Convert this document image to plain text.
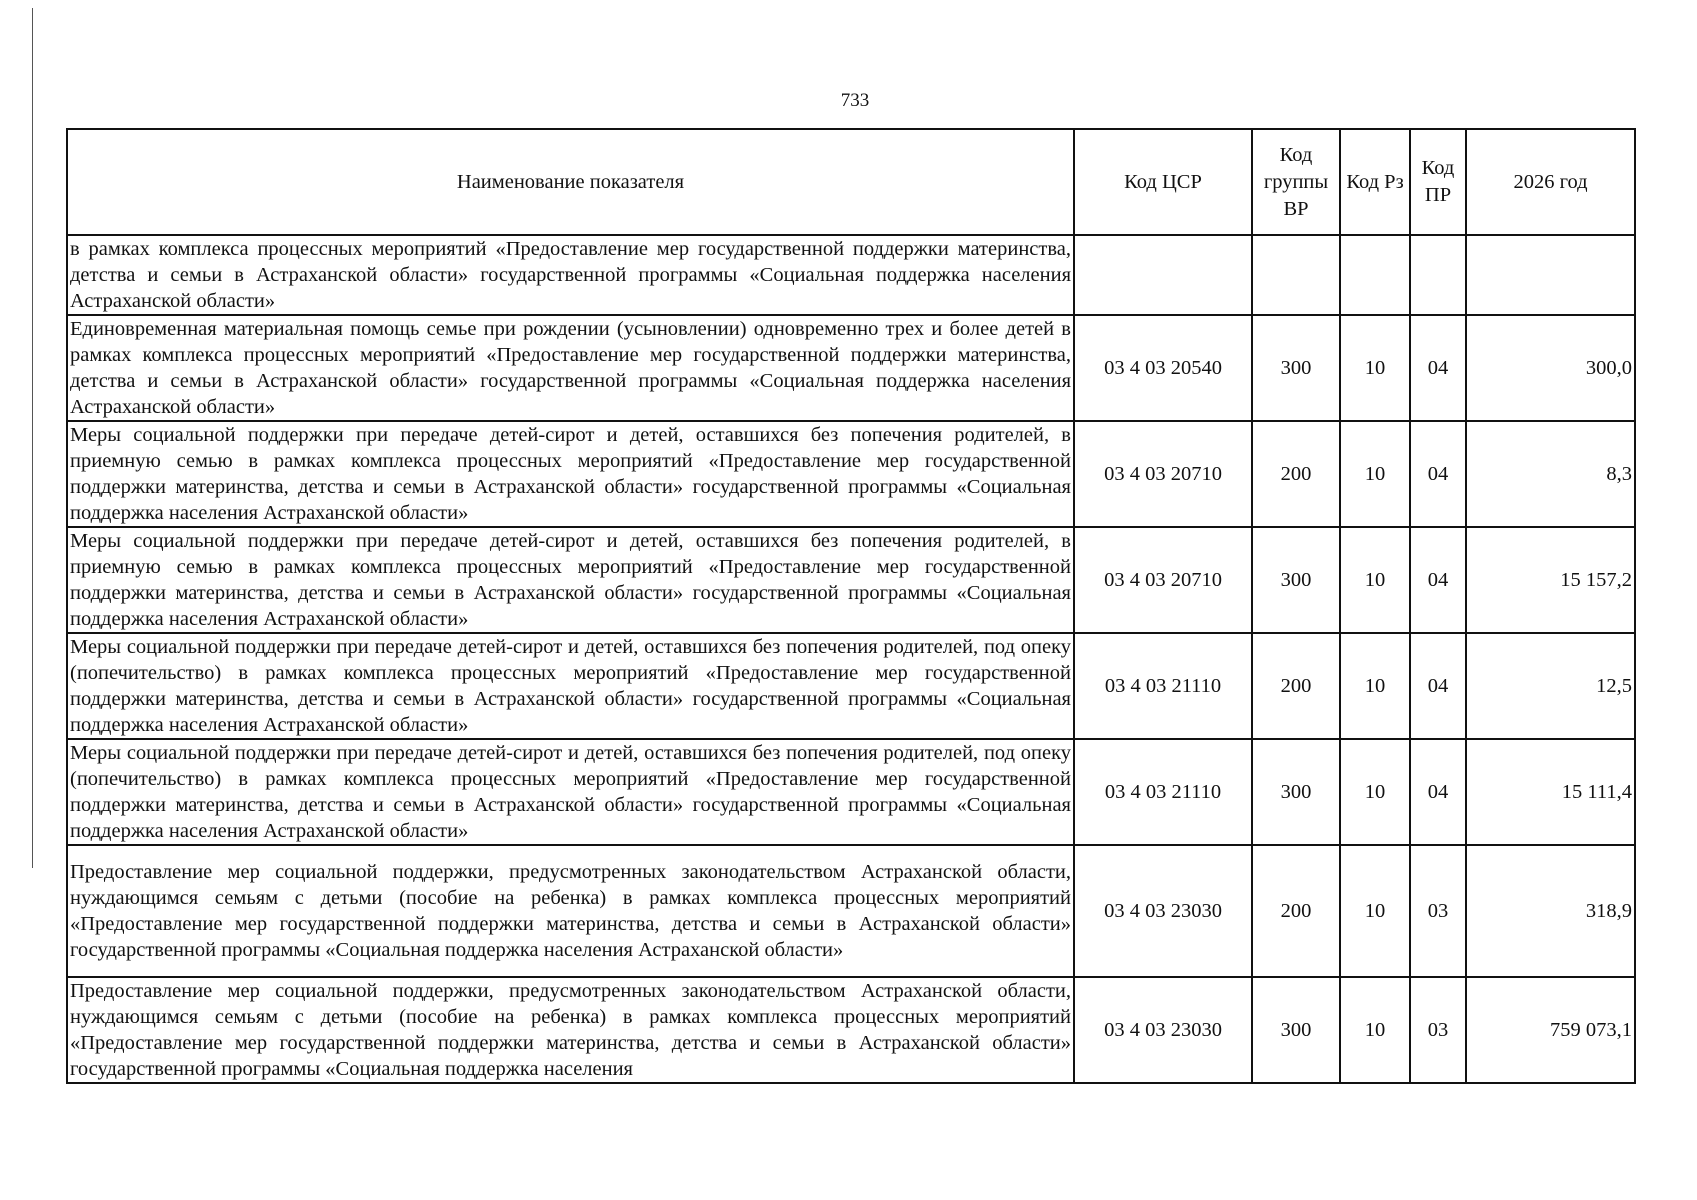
733
Наименование показателя	Код ЦСР	Код группы ВР	Код Рз	Код ПР	2026 год
в рамках комплекса процессных мероприятий «Предоставление мер государственной поддержки материнства, детства и семьи в Астраханской области» государственной программы «Социальная поддержка населения Астраханской области»					
Единовременная материальная помощь семье при рождении (усыновлении) одновременно трех и более детей в рамках комплекса процессных мероприятий «Предоставление мер государственной поддержки материнства, детства и семьи в Астраханской области» государственной программы «Социальная поддержка населения Астраханской области»	03 4 03 20540	300	10	04	300,0
Меры социальной поддержки при передаче детей-сирот и детей, оставшихся без попечения родителей, в приемную семью в рамках комплекса процессных мероприятий «Предоставление мер государственной поддержки материнства, детства и семьи в Астраханской области» государственной программы «Социальная поддержка населения Астраханской области»	03 4 03 20710	200	10	04	8,3
Меры социальной поддержки при передаче детей-сирот и детей, оставшихся без попечения родителей, в приемную семью в рамках комплекса процессных мероприятий «Предоставление мер государственной поддержки материнства, детства и семьи в Астраханской области» государственной программы «Социальная поддержка населения Астраханской области»	03 4 03 20710	300	10	04	15 157,2
Меры социальной поддержки при передаче детей-сирот и детей, оставшихся без попечения родителей, под опеку (попечительство) в рамках комплекса процессных мероприятий «Предоставление мер государственной поддержки материнства, детства и семьи в Астраханской области» государственной программы «Социальная поддержка населения Астраханской области»	03 4 03 21110	200	10	04	12,5
Меры социальной поддержки при передаче детей-сирот и детей, оставшихся без попечения родителей, под опеку (попечительство) в рамках комплекса процессных мероприятий «Предоставление мер государственной поддержки материнства, детства и семьи в Астраханской области» государственной программы «Социальная поддержка населения Астраханской области»	03 4 03 21110	300	10	04	15 111,4
Предоставление мер социальной поддержки, предусмотренных законодательством Астраханской области, нуждающимся семьям с детьми (пособие на ребенка) в рамках комплекса процессных мероприятий «Предоставление мер государственной поддержки материнства, детства и семьи в Астраханской области» государственной программы «Социальная поддержка населения Астраханской области»	03 4 03 23030	200	10	03	318,9
Предоставление мер социальной поддержки, предусмотренных законодательством Астраханской области, нуждающимся семьям с детьми (пособие на ребенка) в рамках комплекса процессных мероприятий «Предоставление мер государственной поддержки материнства, детства и семьи в Астраханской области» государственной программы «Социальная поддержка населения	03 4 03 23030	300	10	03	759 073,1
